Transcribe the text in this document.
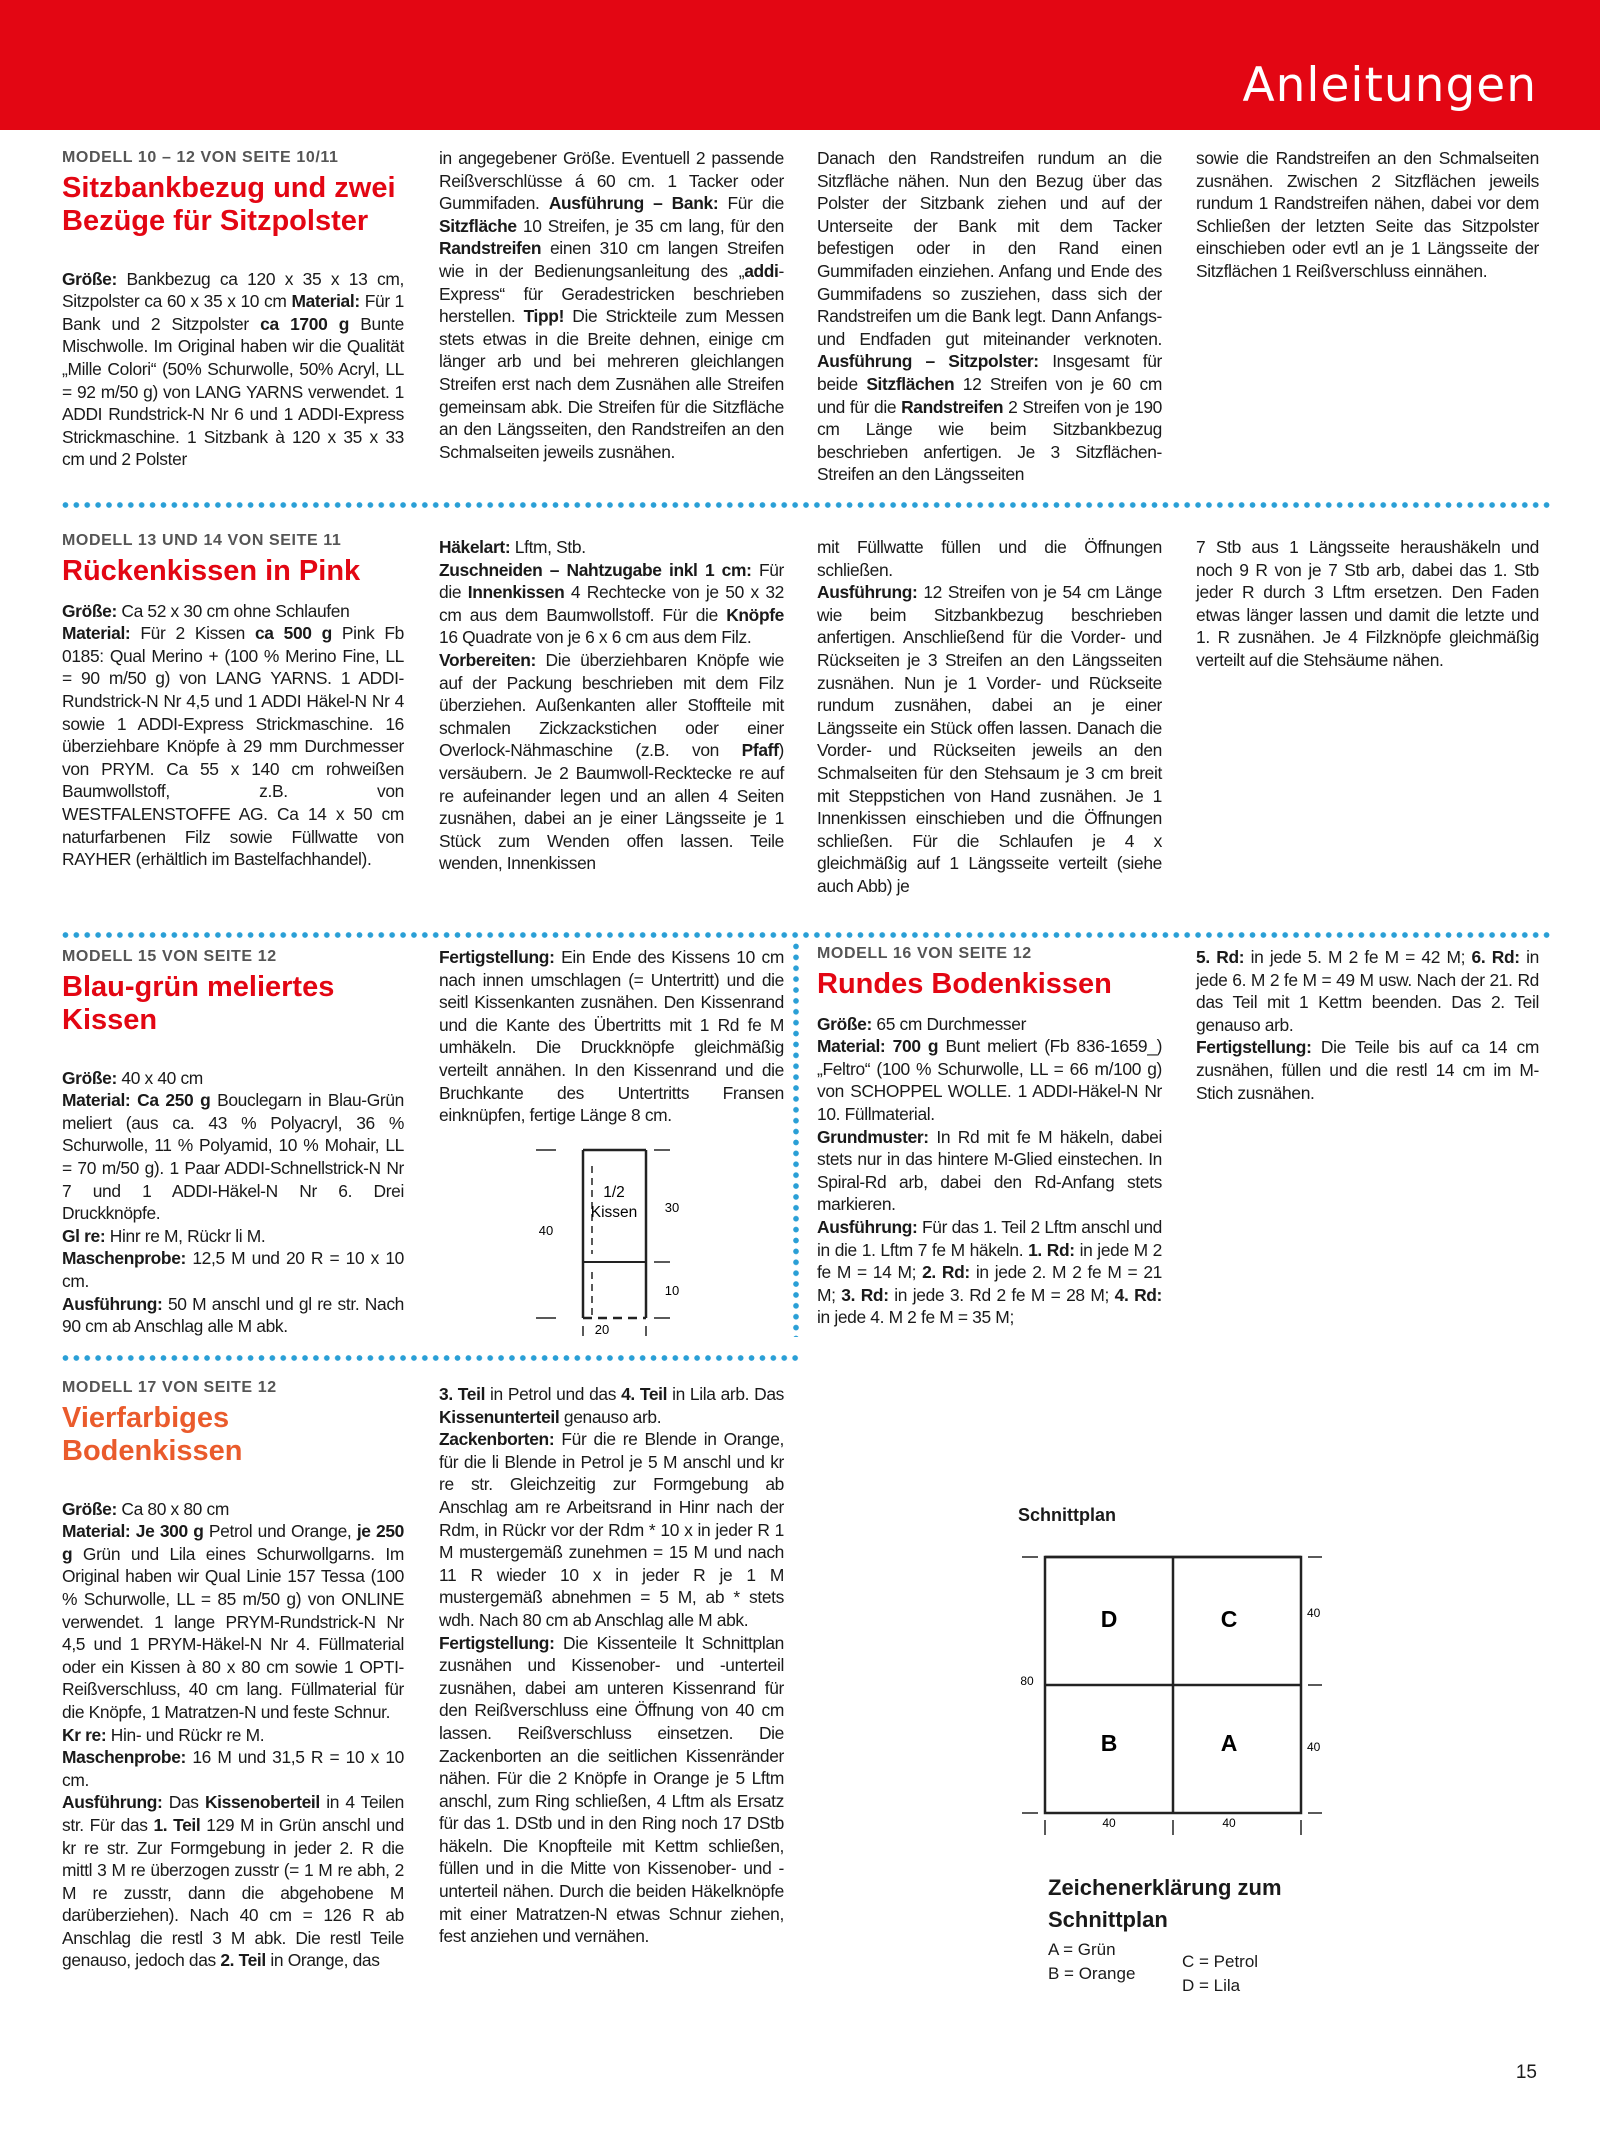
Anleitungen
MODELL 10 – 12 VON SEITE 10/11
Sitzbankbezug und zwei Bezüge für Sitzpolster

Größe: Bankbezug ca 120 x 35 x 13 cm, Sitzpolster ca 60 x 35 x 10 cm Material: Für 1 Bank und 2 Sitzpolster ca 1700 g Bunte Mischwolle. Im Original haben wir die Qualität „Mille Colori“ (50% Schurwolle, 50% Acryl, LL = 92 m/50 g) von LANG YARNS verwendet. 1 ADDI Rundstrick-N Nr 6 und 1 ADDI-Express Strickmaschine. 1 Sitzbank à 120 x 35 x 33 cm und 2 Polster

in angegebener Größe. Eventuell 2 passende Reißverschlüsse á 60 cm. 1 Tacker oder Gummifaden. Ausführung – Bank: Für die Sitzfläche 10 Streifen, je 35 cm lang, für den Randstreifen einen 310 cm langen Streifen wie in der Bedienungsanleitung des „addi-Express“ für Geradestricken beschrieben herstellen. Tipp! Die Strickteile zum Messen stets etwas in die Breite dehnen, einige cm länger arb und bei mehreren gleichlangen Streifen erst nach dem Zusnähen alle Streifen gemeinsam abk. Die Streifen für die Sitzfläche an den Längsseiten, den Randstreifen an den Schmalseiten jeweils zusnähen.

Danach den Randstreifen rundum an die Sitzfläche nähen. Nun den Bezug über das Polster der Sitzbank ziehen und auf der Unterseite der Bank mit dem Tacker befestigen oder in den Rand einen Gummifaden einziehen. Anfang und Ende des Gummifadens so zusziehen, dass sich der Randstreifen um die Bank legt. Dann Anfangs- und Endfaden gut miteinander verknoten. Ausführung – Sitzpolster: Insgesamt für beide Sitzflächen 12 Streifen von je 60 cm und für die Randstreifen 2 Streifen von je 190 cm Länge wie beim Sitzbankbezug beschrieben anfertigen. Je 3 Sitzflächen-Streifen an den Längsseiten

sowie die Randstreifen an den Schmalseiten zusnähen. Zwischen 2 Sitzflächen jeweils rundum 1 Randstreifen nähen, dabei vor dem Schließen der letzten Seite das Sitzpolster einschieben oder evtl an je 1 Längsseite der Sitzflächen 1 Reißverschluss einnähen.

MODELL 13 UND 14 VON SEITE 11
Rückenkissen in Pink

Größe: Ca 52 x 30 cm ohne Schlaufen
Material: Für 2 Kissen ca 500 g Pink Fb 0185: Qual Merino + (100 % Merino Fine, LL = 90 m/50 g) von LANG YARNS. 1 ADDI-Rundstrick-N Nr 4,5 und 1 ADDI Häkel-N Nr 4 sowie 1 ADDI-Express Strickmaschine. 16 überziehbare Knöpfe à 29 mm Durchmesser von PRYM. Ca 55 x 140 cm rohweißen Baumwollstoff, z.B. von WESTFALENSTOFFE AG. Ca 14 x 50 cm naturfarbenen Filz sowie Füllwatte von RAYHER (erhältlich im Bastelfachhandel).

Häkelart: Lftm, Stb.
Zuschneiden – Nahtzugabe inkl 1 cm: Für die Innenkissen 4 Rechtecke von je 50 x 32 cm aus dem Baumwollstoff. Für die Knöpfe 16 Quadrate von je 6 x 6 cm aus dem Filz.
Vorbereiten: Die überziehbaren Knöpfe wie auf der Packung beschrieben mit dem Filz überziehen. Außenkanten aller Stoffteile mit schmalen Zickzackstichen oder einer Overlock-Nähmaschine (z.B. von Pfaff) versäubern. Je 2 Baumwoll-Recktecke re auf re aufeinander legen und an allen 4 Seiten zusnähen, dabei an je einer Längsseite je 1 Stück zum Wenden offen lassen. Teile wenden, Innenkissen

mit Füllwatte füllen und die Öffnungen schließen.
Ausführung: 12 Streifen von je 54 cm Länge wie beim Sitzbankbezug beschrieben anfertigen. Anschließend für die Vorder- und Rückseiten je 3 Streifen an den Längsseiten zusnähen. Nun je 1 Vorder- und Rückseite rundum zusnähen, dabei an je einer Längsseite ein Stück offen lassen. Danach die Vorder- und Rückseiten jeweils an den Schmalseiten für den Stehsaum je 3 cm breit mit Steppstichen von Hand zusnähen. Je 1 Innenkissen einschieben und die Öffnungen schließen. Für die Schlaufen je 4 x gleichmäßig auf 1 Längsseite verteilt (siehe auch Abb) je

7 Stb aus 1 Längsseite heraushäkeln und noch 9 R von je 7 Stb arb, dabei das 1. Stb jeder R durch 3 Lftm ersetzen. Den Faden etwas länger lassen und damit die letzte und 1. R zusnähen. Je 4 Filzknöpfe gleichmäßig verteilt auf die Stehsäume nähen.

MODELL 15 VON SEITE 12
Blau-grün meliertes Kissen

Größe: 40 x 40 cm
Material: Ca 250 g Bouclegarn in Blau-Grün meliert (aus ca. 43 % Polyacryl, 36 % Schurwolle, 11 % Polyamid, 10 % Mohair, LL = 70 m/50 g). 1 Paar ADDI-Schnellstrick-N Nr 7 und 1 ADDI-Häkel-N Nr 6. Drei Druckknöpfe.
Gl re: Hinr re M, Rückr li M.
Maschenprobe: 12,5 M und 20 R = 10 x 10 cm.
Ausführung: 50 M anschl und gl re str. Nach 90 cm ab Anschlag alle M abk.

Fertigstellung: Ein Ende des Kissens 10 cm nach innen umschlagen (= Untertritt) und die seitl Kissenkanten zusnähen. Den Kissenrand und die Kante des Übertritts mit 1 Rd fe M umhäkeln. Die Druckknöpfe gleichmäßig verteilt annähen. In den Kissenrand und die Bruchkante des Untertritts Fransen einknüpfen, fertige Länge 8 cm.

1/2
Kissen
40
30
10
20
MODELL 16 VON SEITE 12
Rundes Bodenkissen

Größe: 65 cm Durchmesser
Material: 700 g Bunt meliert (Fb 836-1659_) „Feltro“ (100 % Schurwolle, LL = 66 m/100 g) von SCHOPPEL WOLLE. 1 ADDI-Häkel-N Nr 10. Füllmaterial.
Grundmuster: In Rd mit fe M häkeln, dabei stets nur in das hintere M-Glied einstechen. In Spiral-Rd arb, dabei den Rd-Anfang stets markieren.
Ausführung: Für das 1. Teil 2 Lftm anschl und in die 1. Lftm 7 fe M häkeln. 1. Rd: in jede M 2 fe M = 14 M; 2. Rd: in jede 2. M 2 fe M = 21 M; 3. Rd: in jede 3. Rd 2 fe M = 28 M; 4. Rd: in jede 4. M 2 fe M = 35 M;

5. Rd: in jede 5. M 2 fe M = 42 M; 6. Rd: in jede 6. M 2 fe M = 49 M usw. Nach der 21. Rd das Teil mit 1 Kettm beenden. Das 2. Teil genauso arb.
Fertigstellung: Die Teile bis auf ca 14 cm zusnähen, füllen und die restl 14 cm im M-Stich zusnähen.

MODELL 17 VON SEITE 12
Vierfarbiges Bodenkissen

Größe: Ca 80 x 80 cm
Material: Je 300 g Petrol und Orange, je 250 g Grün und Lila eines Schurwollgarns. Im Original haben wir Qual Linie 157 Tessa (100 % Schurwolle, LL = 85 m/50 g) von ONLINE verwendet. 1 lange PRYM-Rundstrick-N Nr 4,5 und 1 PRYM-Häkel-N Nr 4. Füllmaterial oder ein Kissen à 80 x 80 cm sowie 1 OPTI-Reißverschluss, 40 cm lang. Füllmaterial für die Knöpfe, 1 Matratzen-N und feste Schnur.
Kr re: Hin- und Rückr re M.
Maschenprobe: 16 M und 31,5 R = 10 x 10 cm.
Ausführung: Das Kissenoberteil in 4 Teilen str. Für das 1. Teil 129 M in Grün anschl und kr re str. Zur Formgebung in jeder 2. R die mittl 3 M re überzogen zusstr (= 1 M re abh, 2 M re zusstr, dann die abgehobene M darüberziehen). Nach 40 cm = 126 R ab Anschlag die restl 3 M abk. Die restl Teile genauso, jedoch das 2. Teil in Orange, das

3. Teil in Petrol und das 4. Teil in Lila arb. Das Kissenunterteil genauso arb.
Zackenborten: Für die re Blende in Orange, für die li Blende in Petrol je 5 M anschl und kr re str. Gleichzeitig zur Formgebung ab Anschlag am re Arbeitsrand in Hinr nach der Rdm, in Rückr vor der Rdm * 10 x in jeder R 1 M mustergemäß zunehmen = 15 M und nach 11 R wieder 10 x in jeder R je 1 M mustergemäß abnehmen = 5 M, ab * stets wdh. Nach 80 cm ab Anschlag alle M abk.
Fertigstellung: Die Kissenteile lt Schnittplan zusnähen und Kissenober- und -unterteil zusnähen, dabei am unteren Kissenrand für den Reißverschluss eine Öffnung von 40 cm lassen. Reißverschluss einsetzen. Die Zackenborten an die seitlichen Kissenränder nähen. Für die 2 Knöpfe in Orange je 5 Lftm anschl, zum Ring schließen, 4 Lftm als Ersatz für das 1. DStb und in den Ring noch 17 DStb häkeln. Die Knopfteile mit Kettm schließen, füllen und in die Mitte von Kissenober- und -unterteil nähen. Durch die beiden Häkelknöpfe mit einer Matratzen-N etwas Schnur ziehen, fest anziehen und vernähen.

Schnittplan
D	C
B	A
80
40
40
40	40
Zeichenerklärung zum Schnittplan
A = Grün
B = Orange
C = Petrol
D = Lila
15
